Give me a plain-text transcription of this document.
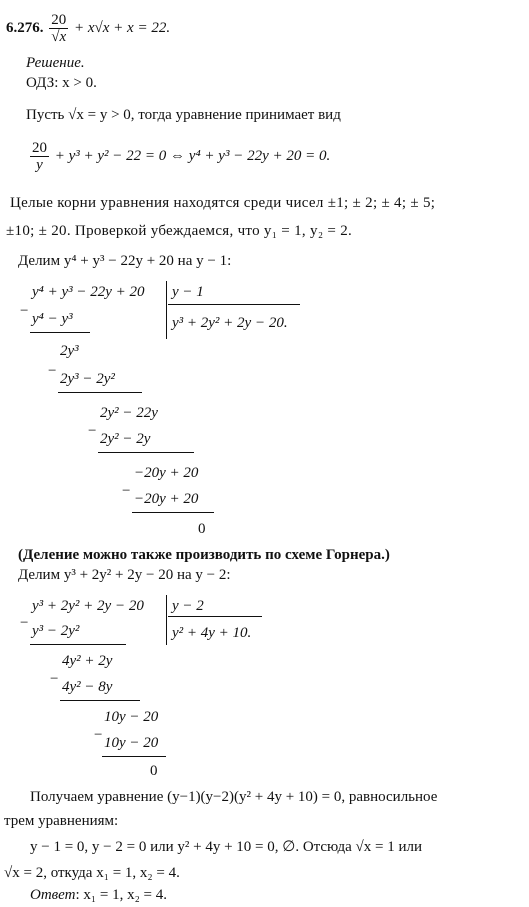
6.276. $\frac{20}{√x} + x√x + x = 22$.
Решение.
ОДЗ: x > 0.
Пусть √x = y > 0, тогда уравнение принимает вид
$\frac{20}{y} + y^3 + y^2 - 22 = 0$ ⇔ y⁴ + y³ − 22y + 20 = 0.
Целые корни уравнения находятся среди чисел ±1; ± 2; ± 4; ± 5;
±10; ± 20. Проверкой убеждаемся, что y₁ = 1, y₂ = 2.
Делим y⁴ + y³ − 22y + 20 на y − 1:
y⁴ + y³ − 22y + 20 y − 1
y³ + 2y² + 2y − 20.
− y⁴ − y³
2y³
− 2y³ − 2y²
2y² − 22y
− 2y² − 2y
−20y + 20
− −20y + 20
0
(Деление можно также производить по схеме Горнера.)
Делим y³ + 2y² + 2y − 20 на y − 2:
y³ + 2y² + 2y − 20 y − 2
y² + 4y + 10.
− y³ − 2y²
4y² + 2y
− 4y² − 8y
10y − 20
− 10y − 20
0
Получаем уравнение (y−1)(y−2)(y² + 4y + 10) = 0, равносильное
трем уравнениям:
y − 1 = 0, y − 2 = 0 или y² + 4y + 10 = 0, ∅. Отсюда √x = 1 или
√x = 2, откуда x₁ = 1, x₂ = 4.
Ответ: x₁ = 1, x₂ = 4.
